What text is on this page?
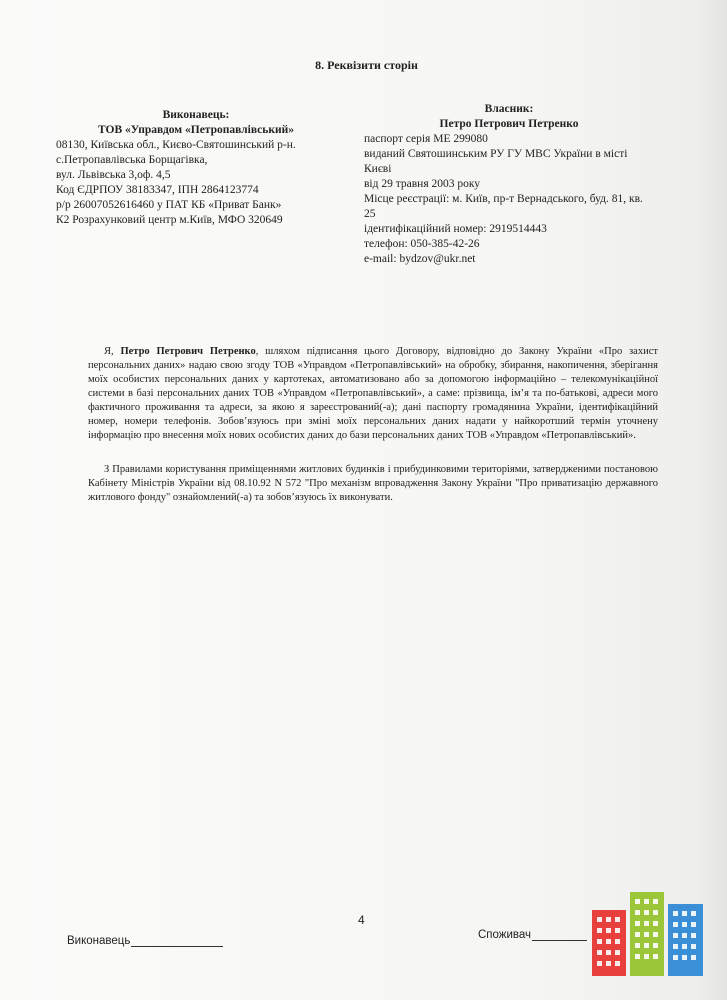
8. Реквізити сторін
Виконавець:
ТОВ «Управдом «Петропавлівський»
08130, Київська обл., Києво-Святошинський р-н.
с.Петропавлівська Борщагівка,
вул. Львівська 3,оф. 4,5
Код ЄДРПОУ 38183347, ІПН 2864123774
р/р 26007052616460 у ПАТ КБ «Приват Банк»
К2 Розрахунковий центр м.Київ, МФО 320649
Власник:
Петро Петрович Петренко
паспорт серія МЕ 299080
виданий Святошинським РУ ГУ МВС України в місті Києві
від 29 травня 2003 року
Місце реєстрації: м. Київ, пр-т Вернадського, буд. 81, кв. 25
ідентифікаційний номер: 2919514443
телефон: 050-385-42-26
e-mail: bydzov@ukr.net
Я, Петро Петрович Петренко, шляхом підписання цього Договору, відповідно до Закону України «Про захист персональних даних» надаю свою згоду ТОВ «Управдом «Петропавлівський» на обробку, збирання, накопичення, зберігання моїх особистих персональних даних у картотеках, автоматизовано або за допомогою інформаційно – телекомунікаційної системи в базі персональних даних ТОВ «Управдом «Петропавлівський», а саме: прізвища, ім’я та по-батькові, адреси мого фактичного проживання та адреси, за якою я зареєстрований(-а); дані паспорту громадянина України, ідентифікаційний номер, номери телефонів. Зобов’язуюсь при зміні моїх персональних даних надати у найкоротший термін уточнену інформацію про внесення моїх нових особистих даних до бази персональних даних ТОВ «Управдом «Петропавлівський».
З Правилами користування приміщеннями житлових будинків і прибудинковими територіями, затвердженими постановою Кабінету Міністрів України від 08.10.92 N 572 "Про механізм впровадження Закону України "Про приватизацію державного житлового фонду" ознайомлений(-а) та зобов’язуюсь їх виконувати.
4
Виконавець	Споживач
